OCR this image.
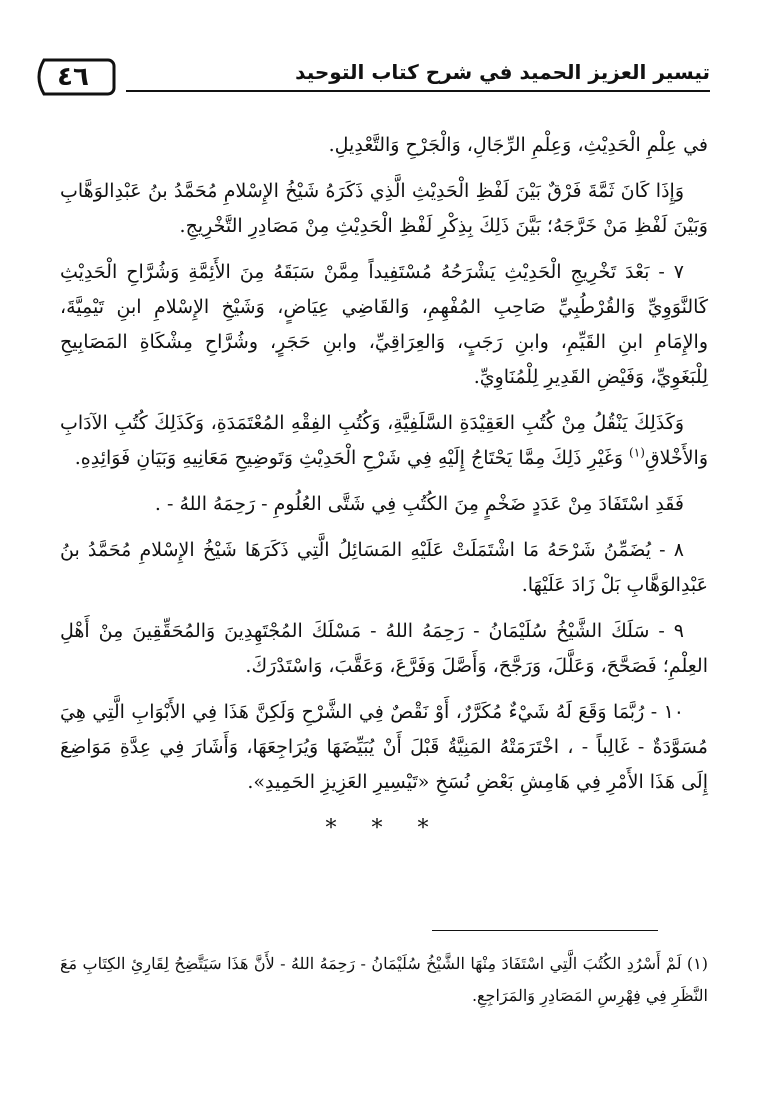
٤٦	تيسير العزيز الحميد في شرح كتاب التوحيد

في عِلْمِ الْحَدِيْثِ، وَعِلْمِ الرِّجَالِ، وَالْجَرْحِ وَالتَّعْدِيلِ.

وَإِذَا كَانَ ثَمَّةَ فَرْقٌ بَيْنَ لَفْظِ الْحَدِيْثِ الَّذِي ذَكَرَهُ شَيْخُ الإِسْلامِ مُحَمَّدُ بنُ عَبْدِالوَهَّابِ وَبَيْنَ لَفْظِ مَنْ خَرَّجَهُ؛ بَيَّنَ ذَلِكَ بِذِكْرِ لَفْظِ الْحَدِيْثِ مِنْ مَصَادِرِ التَّخْرِيجِ.

٧ - بَعْدَ تَخْرِيجِ الْحَدِيْثِ يَشْرَحُهُ مُسْتَفِيداً مِمَّنْ سَبَقَهُ مِنَ الأَئِمَّةِ وَشُرَّاحِ الْحَدِيْثِ كَالنَّوَوِيِّ وَالقُرْطُبِيِّ صَاحِبِ المُفْهِمِ، وَالقَاضِي عِيَاضٍ، وَشَيْخِ الإِسْلامِ ابنِ تَيْمِيَّةَ، والإِمَامِ ابنِ القَيِّمِ، وابنِ رَجَبٍ، وَالعِرَاقِيِّ، وابنِ حَجَرٍ، وشُرَّاحِ مِشْكَاةِ المَصَابِيحِ لِلْبَغَوِيِّ، وَفَيْضِ القَدِيرِ لِلْمُنَاوِيِّ.

وَكَذَلِكَ يَنْقُلُ مِنْ كُتُبِ العَقِيْدَةِ السَّلَفِيَّةِ، وَكُتُبِ الفِقْهِ المُعْتَمَدَةِ، وَكَذَلِكَ كُتُبِ الآدَابِ وَالأَخْلاقِ$^{(١)}$ وَغَيْرِ ذَلِكَ مِمَّا يَحْتَاجُ إِلَيْهِ فِي شَرْحِ الْحَدِيْثِ وَتَوضِيحِ مَعَانِيهِ وَبَيَانِ فَوَائِدِهِ.

فَقَدِ اسْتَفَادَ مِنْ عَدَدٍ ضَخْمٍ مِنَ الكُتُبِ فِي شَتَّى العُلُومِ - رَحِمَهُ اللهُ - .

٨ - يُضَمِّنُ شَرْحَهُ مَا اشْتَمَلَتْ عَلَيْهِ المَسَائِلُ الَّتِي ذَكَرَهَا شَيْخُ الإِسْلامِ مُحَمَّدُ بنُ عَبْدِالوَهَّابِ بَلْ زَادَ عَلَيْهَا.

٩ - سَلَكَ الشَّيْخُ سُلَيْمَانُ - رَحِمَهُ اللهُ - مَسْلَكَ المُجْتَهِدِينَ وَالمُحَقِّقِينَ مِنْ أَهْلِ العِلْمِ؛ فَصَحَّحَ، وَعَلَّلَ، وَرَجَّحَ، وَأَصَّلَ وَفَرَّعَ، وَعَقَّبَ، وَاسْتَدْرَكَ.

١٠ - رُبَّمَا وَقَعَ لَهُ شَيْءٌ مُكَرَّرٌ، أَوْ نَقْصٌ فِي الشَّرْحِ وَلَكِنَّ هَذَا فِي الأَبْوَابِ الَّتِي هِيَ مُسَوَّدَةٌ - غَالِباً - ، اخْتَرَمَتْهُ المَنِيَّةُ قَبْلَ أَنْ يُبَيِّضَهَا وَيُرَاجِعَهَا، وَأَشَارَ فِي عِدَّةِ مَوَاضِعَ إِلَى هَذَا الأَمْرِ فِي هَامِشِ بَعْضِ نُسَخِ «تَيْسِيرِ العَزِيزِ الحَمِيدِ».

* * *

(١) لَمْ أَسْرُدِ الكُتُبَ الَّتِي اسْتَفَادَ مِنْهَا الشَّيْخُ سُلَيْمَانُ - رَحِمَهُ اللهُ - لأَنَّ هَذَا سَيَتَّضِحُ لِقَارِئِ الكِتَابِ مَعَ النَّظَرِ فِي فِهْرِسِ المَصَادِرِ وَالمَرَاجِعِ.
